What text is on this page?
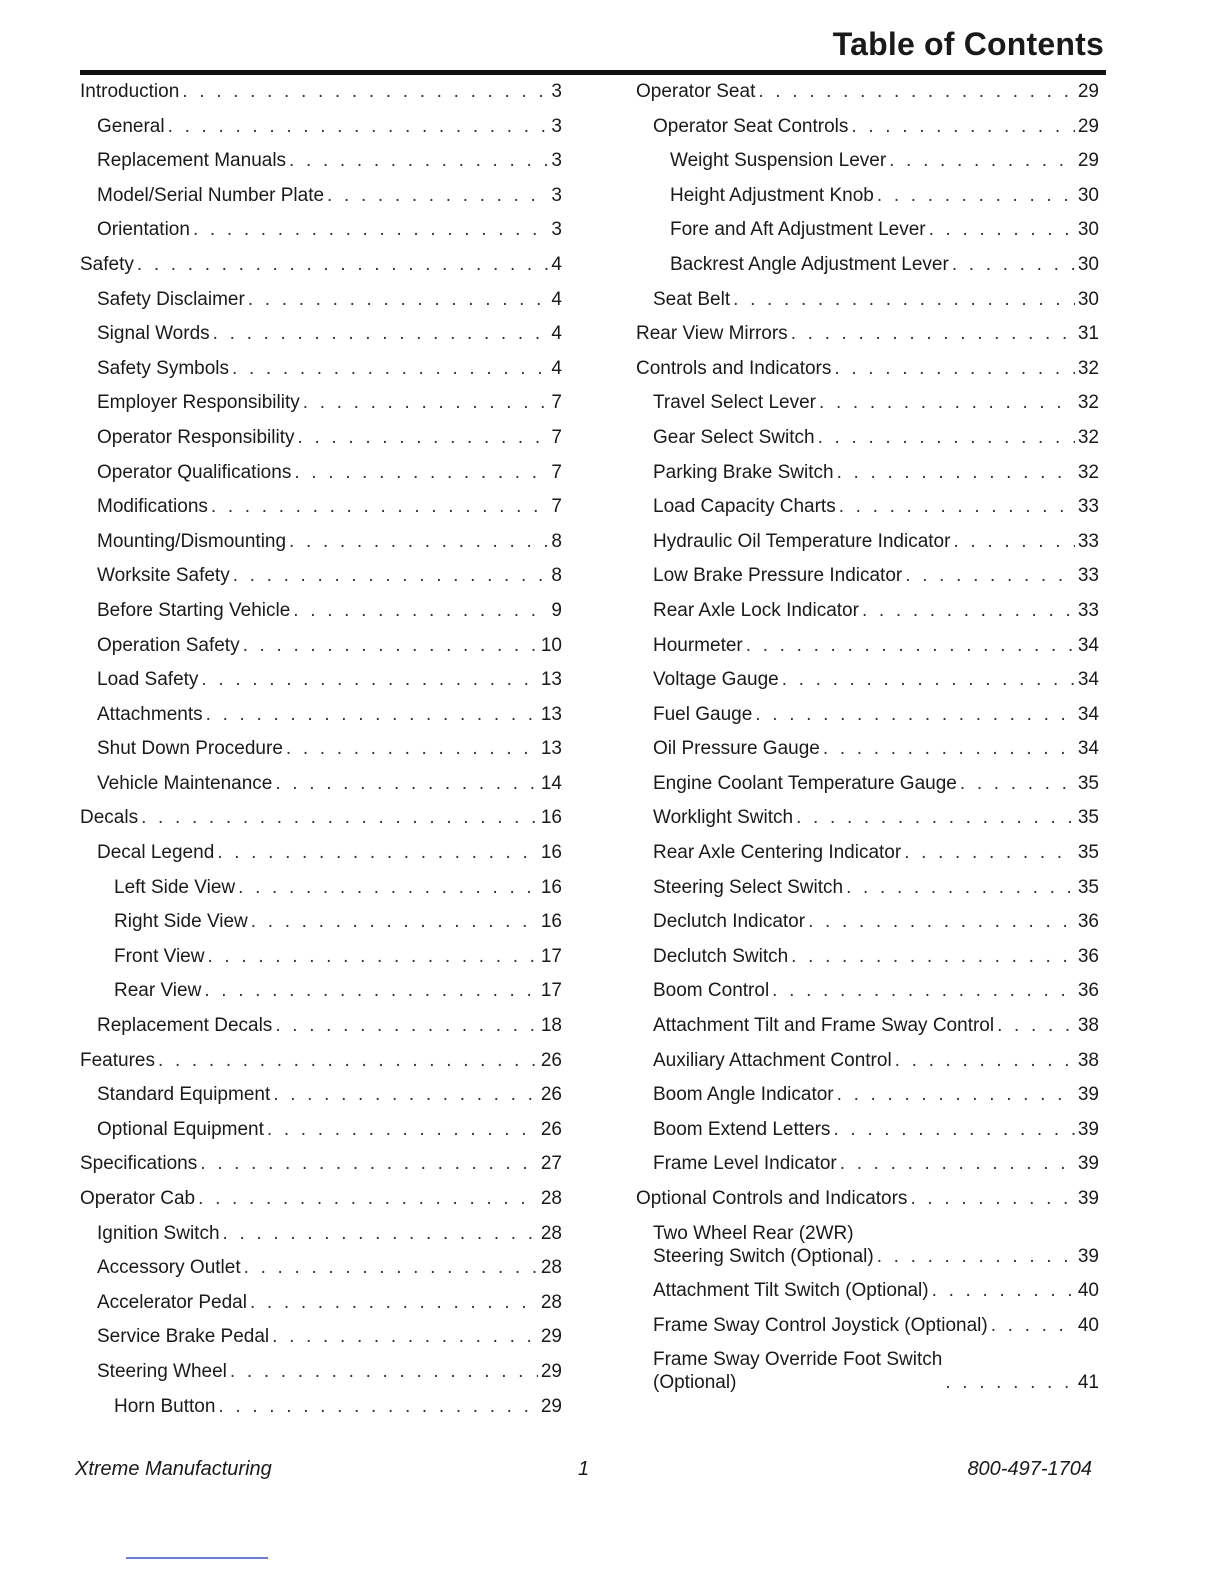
Table of Contents
Introduction . . .	3
General . . .	3
Replacement Manuals . . .	3
Model/Serial Number Plate . . .	3
Orientation . . .	3
Safety . . .	4
Safety Disclaimer . . .	4
Signal Words . . .	4
Safety Symbols . . .	4
Employer Responsibility . . .	7
Operator Responsibility . . .	7
Operator Qualifications . . .	7
Modifications . . .	7
Mounting/Dismounting . . .	8
Worksite Safety . . .	8
Before Starting Vehicle . . .	9
Operation Safety . . .	10
Load Safety . . .	13
Attachments . . .	13
Shut Down Procedure . . .	13
Vehicle Maintenance . . .	14
Decals . . .	16
Decal Legend . . .	16
Left Side View . . .	16
Right Side View . . .	16
Front View . . .	17
Rear View . . .	17
Replacement Decals . . .	18
Features . . .	26
Standard Equipment . . .	26
Optional Equipment . . .	26
Specifications . . .	27
Operator Cab . . .	28
Ignition Switch . . .	28
Accessory Outlet . . .	28
Accelerator Pedal . . .	28
Service Brake Pedal . . .	29
Steering Wheel . . .	29
Horn Button . . .	29
Operator Seat . . .	29
Operator Seat Controls . . .	29
Weight Suspension Lever . . .	29
Height Adjustment Knob . . .	30
Fore and Aft Adjustment Lever . . .	30
Backrest Angle Adjustment Lever . . .	30
Seat Belt . . .	30
Rear View Mirrors . . .	31
Controls and Indicators . . .	32
Travel Select Lever . . .	32
Gear Select Switch . . .	32
Parking Brake Switch . . .	32
Load Capacity Charts . . .	33
Hydraulic Oil Temperature Indicator . . .	33
Low Brake Pressure Indicator . . .	33
Rear Axle Lock Indicator . . .	33
Hourmeter . . .	34
Voltage Gauge . . .	34
Fuel Gauge . . .	34
Oil Pressure Gauge . . .	34
Engine Coolant Temperature Gauge . . .	35
Worklight Switch . . .	35
Rear Axle Centering Indicator . . .	35
Steering Select Switch . . .	35
Declutch Indicator . . .	36
Declutch Switch . . .	36
Boom Control . . .	36
Attachment Tilt and Frame Sway Control . . .	38
Auxiliary Attachment Control . . .	38
Boom Angle Indicator . . .	39
Boom Extend Letters . . .	39
Frame Level Indicator . . .	39
Optional Controls and Indicators . . .	39
Two Wheel Rear (2WR)
Steering Switch (Optional) . . .	39
Attachment Tilt Switch (Optional) . . .	40
Frame Sway Control Joystick (Optional) . . .	40
Frame Sway Override Foot Switch
(Optional) . . .	41
Xtreme Manufacturing	1	800-497-1704
